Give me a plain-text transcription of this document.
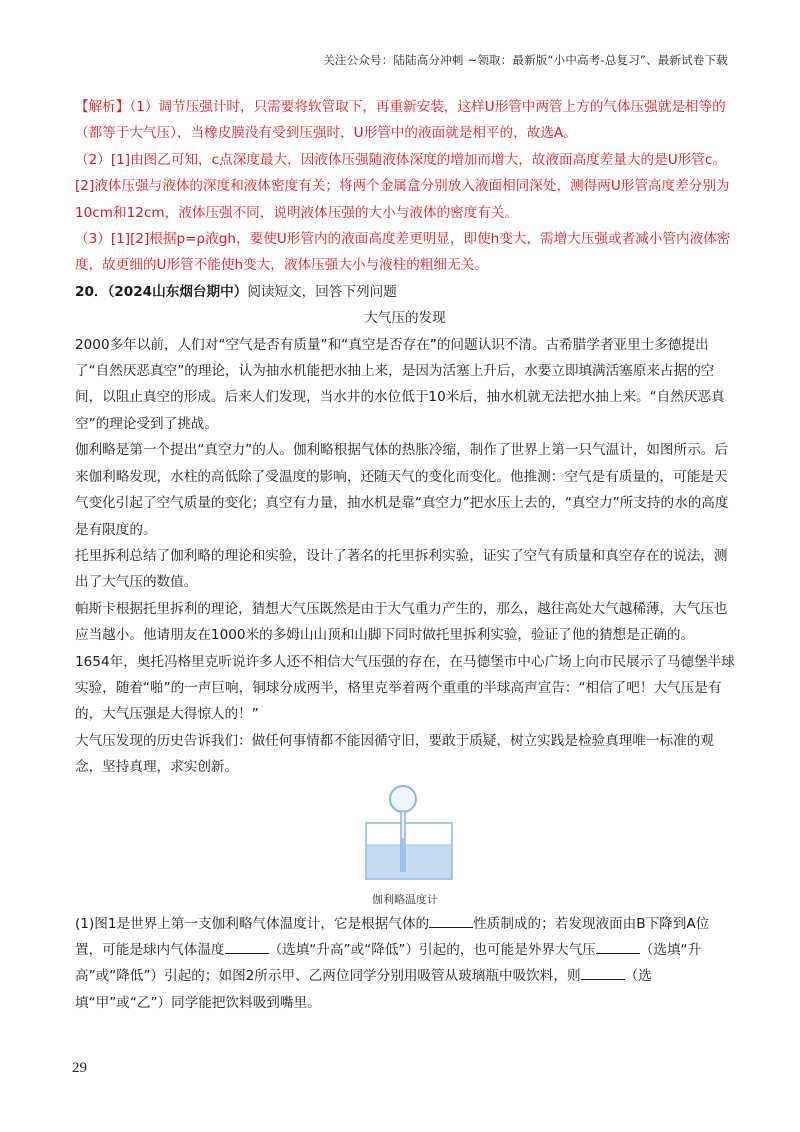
关注公众号：陆陆高分冲刺 ~领取：最新版“小中高考-总复习”、最新试卷下载

【解析】（1）调节压强计时，只需要将软管取下，再重新安装，这样U形管中两管上方的气体压强就是相等的（都等于大气压），当橡皮膜没有受到压强时，U形管中的液面就是相平的，故选A。

（2）[1]由图乙可知，c点深度最大，因液体压强随液体深度的增加而增大，故液面高度差量大的是U形管c。

[2]液体压强与液体的深度和液体密度有关；将两个金属盒分别放入液面相同深处，测得两U形管高度差分别为10cm和12cm，液体压强不同，说明液体压强的大小与液体的密度有关。

（3）[1][2]根据p=ρ液gh，要使U形管内的液面高度差更明显，即使h变大，需增大压强或者减小管内液体密度，故更细的U形管不能使h变大，液体压强大小与液柱的粗细无关。

20．（2024山东烟台期中）阅读短文，回答下列问题

大气压的发现

2000多年以前，人们对“空气是否有质量”和“真空是否存在”的问题认识不清。古希腊学者亚里士多德提出了“自然厌恶真空”的理论，认为抽水机能把水抽上来，是因为活塞上升后，水要立即填满活塞原来占据的空间，以阻止真空的形成。后来人们发现，当水井的水位低于10米后，抽水机就无法把水抽上来。“自然厌恶真空”的理论受到了挑战。

伽利略是第一个提出“真空力”的人。伽利略根据气体的热胀冷缩，制作了世界上第一只气温计，如图所示。后来伽利略发现，水柱的高低除了受温度的影响，还随天气的变化而变化。他推测：空气是有质量的，可能是天气变化引起了空气质量的变化；真空有力量，抽水机是靠“真空力”把水压上去的，“真空力”所支持的水的高度是有限度的。

托里拆利总结了伽利略的理论和实验，设计了著名的托里拆利实验，证实了空气有质量和真空存在的说法，测出了大气压的数值。

帕斯卡根据托里拆利的理论，猜想大气压既然是由于大气重力产生的，那么，越往高处大气越稀薄，大气压也应当越小。他请朋友在1000米的多姆山山顶和山脚下同时做托里拆利实验，验证了他的猜想是正确的。

1654年，奥托冯格里克听说许多人还不相信大气压强的存在，在马德堡市中心广场上向市民展示了马德堡半球实验，随着“啪”的一声巨响，铜球分成两半，格里克举着两个重重的半球高声宣告：“相信了吧！大气压是有的，大气压强是大得惊人的！”

大气压发现的历史告诉我们：做任何事情都不能因循守旧，要敢于质疑，树立实践是检验真理唯一标准的观念，坚持真理，求实创新。

伽利略温度计

(1)图1是世界上第一支伽利略气体温度计，它是根据气体的	性质制成的；若发现液面由B下降到A位置，可能是球内气体温度	（选填“升高”或“降低”）引起的，也可能是外界大气压	（选填“升高”或“降低”）引起的；如图2所示甲、乙两位同学分别用吸管从玻璃瓶中吸饮料，则	（选填“甲”或“乙”）同学能把饮料吸到嘴里。

29
